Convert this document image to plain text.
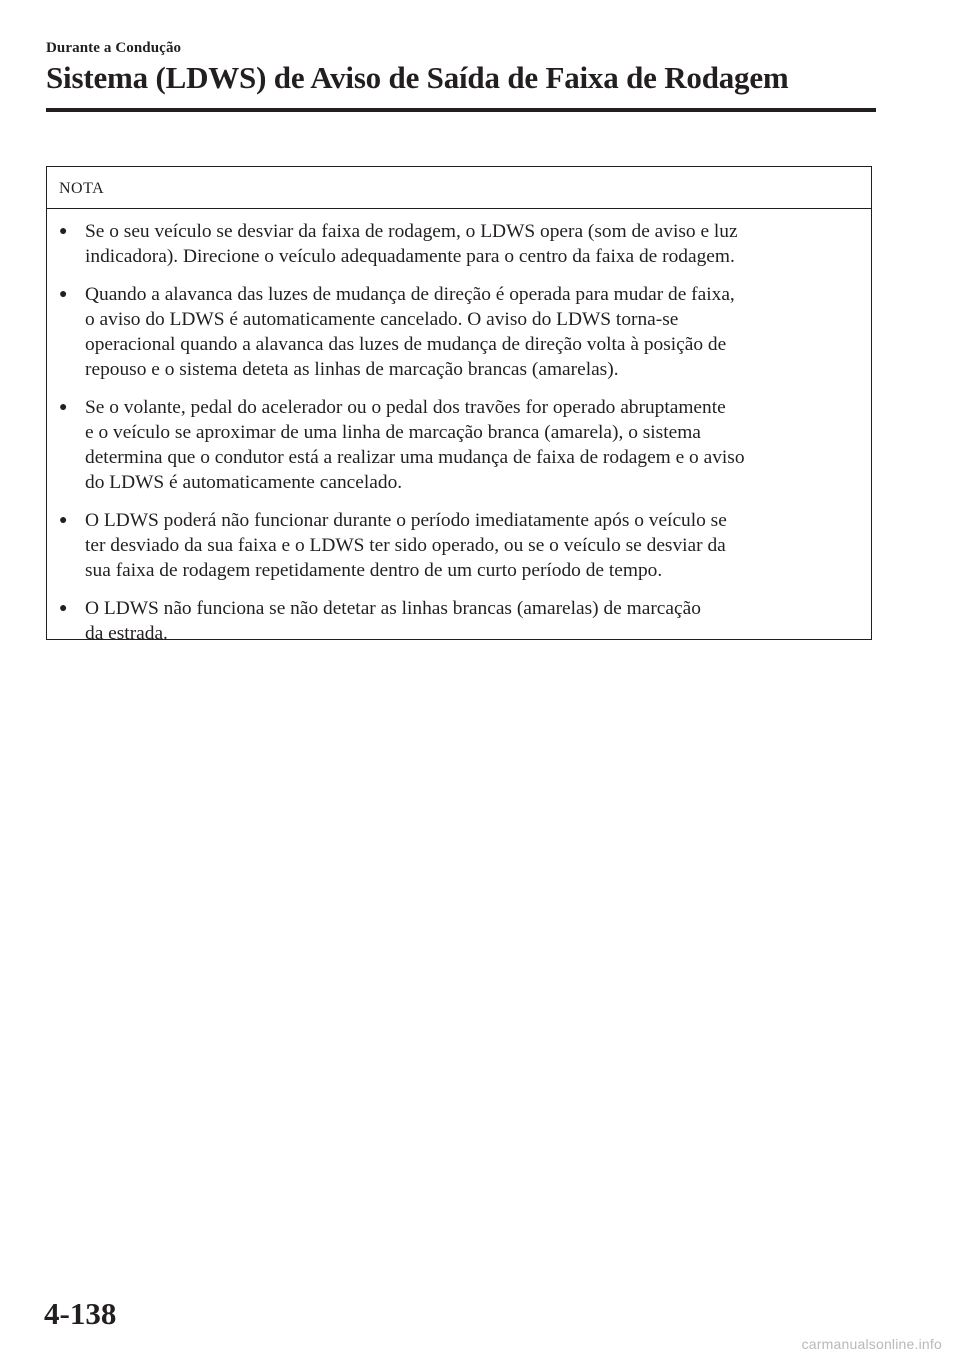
Durante a Condução
Sistema (LDWS) de Aviso de Saída de Faixa de Rodagem
NOTA
● Se o seu veículo se desviar da faixa de rodagem, o LDWS opera (som de aviso e luz
indicadora). Direcione o veículo adequadamente para o centro da faixa de rodagem.
● Quando a alavanca das luzes de mudança de direção é operada para mudar de faixa,
o aviso do LDWS é automaticamente cancelado. O aviso do LDWS torna-se
operacional quando a alavanca das luzes de mudança de direção volta à posição de
repouso e o sistema deteta as linhas de marcação brancas (amarelas).
● Se o volante, pedal do acelerador ou o pedal dos travões for operado abruptamente
e o veículo se aproximar de uma linha de marcação branca (amarela), o sistema
determina que o condutor está a realizar uma mudança de faixa de rodagem e o aviso
do LDWS é automaticamente cancelado.
● O LDWS poderá não funcionar durante o período imediatamente após o veículo se
ter desviado da sua faixa e o LDWS ter sido operado, ou se o veículo se desviar da
sua faixa de rodagem repetidamente dentro de um curto período de tempo.
● O LDWS não funciona se não detetar as linhas brancas (amarelas) de marcação
da estrada.
4-138
carmanualsonline.info
